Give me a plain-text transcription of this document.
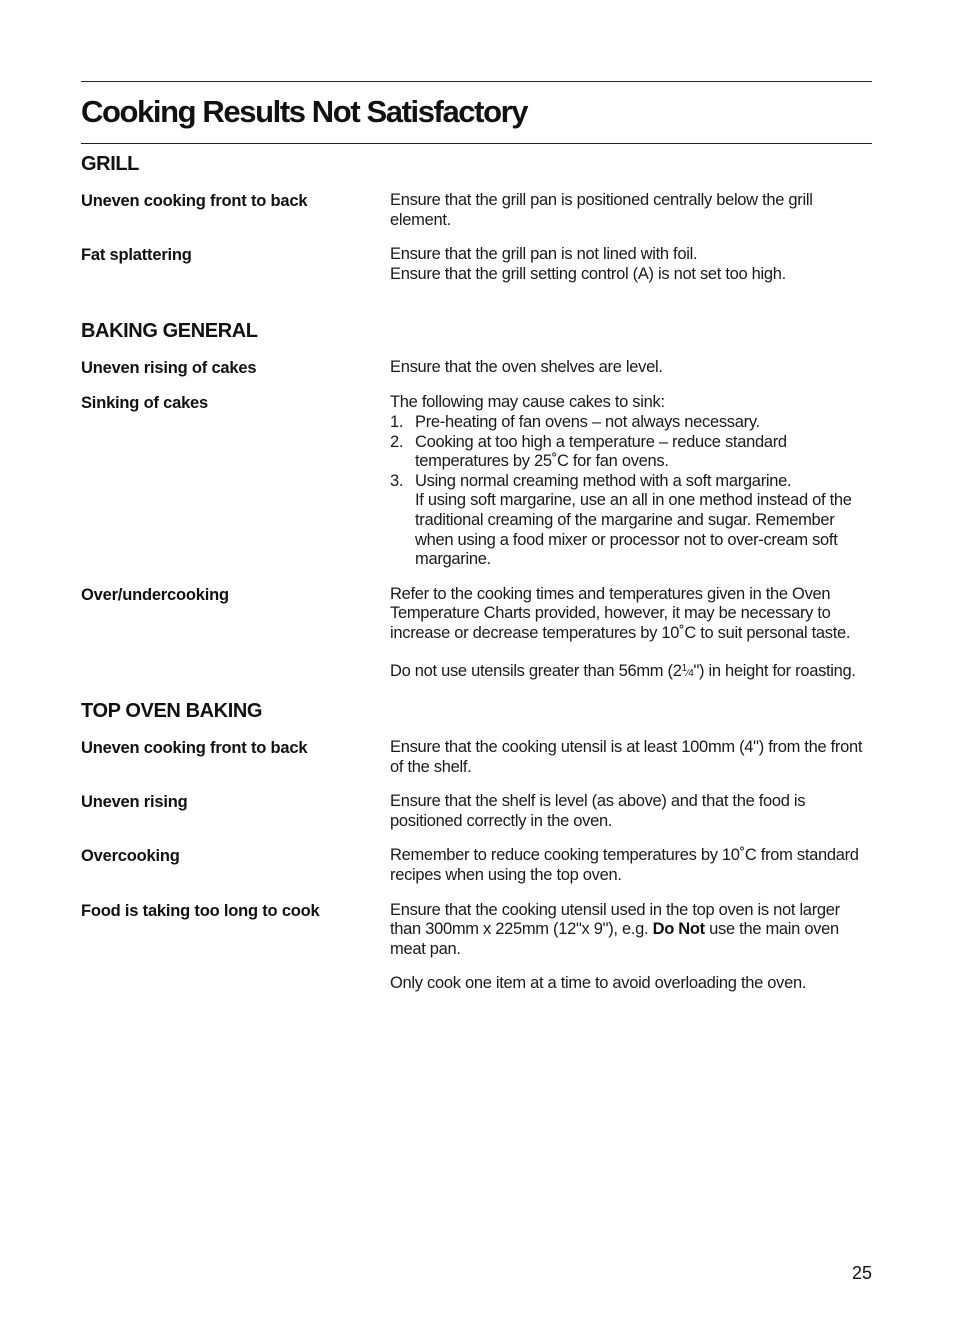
Cooking Results Not Satisfactory
GRILL
Uneven cooking front to back	Ensure that the grill pan is positioned centrally below the grill element.

Fat splattering	Ensure that the grill pan is not lined with foil.

Ensure that the grill setting control (A) is not set too high.

BAKING GENERAL
Uneven rising of cakes	Ensure that the oven shelves are level.

Sinking of cakes	The following may cause cakes to sink:

1. Pre-heating of fan ovens – not always necessary.
2. Cooking at too high a temperature – reduce standard temperatures by 25˚C for fan ovens.
3. Using normal creaming method with a soft margarine.
If using soft margarine, use an all in one method instead of the traditional creaming of the margarine and sugar. Remember when using a food mixer or processor not to over-cream soft margarine.
Over/undercooking	Refer to the cooking times and temperatures given in the Oven Temperature Charts provided, however, it may be necessary to increase or decrease temperatures by 10˚C to suit personal taste.

Do not use utensils greater than 56mm $(2^1⁄4")$ in height for roasting.

TOP OVEN BAKING
Uneven cooking front to back	Ensure that the cooking utensil is at least 100mm (4") from the front of the shelf.

Uneven rising	Ensure that the shelf is level (as above) and that the food is positioned correctly in the oven.

Overcooking	Remember to reduce cooking temperatures by 10˚C from standard recipes when using the top oven.

Food is taking too long to cook	Ensure that the cooking utensil used in the top oven is not larger than 300mm x 225mm (12"x 9"), e.g. Do Not use the main oven meat pan.

Only cook one item at a time to avoid overloading the oven.

25
